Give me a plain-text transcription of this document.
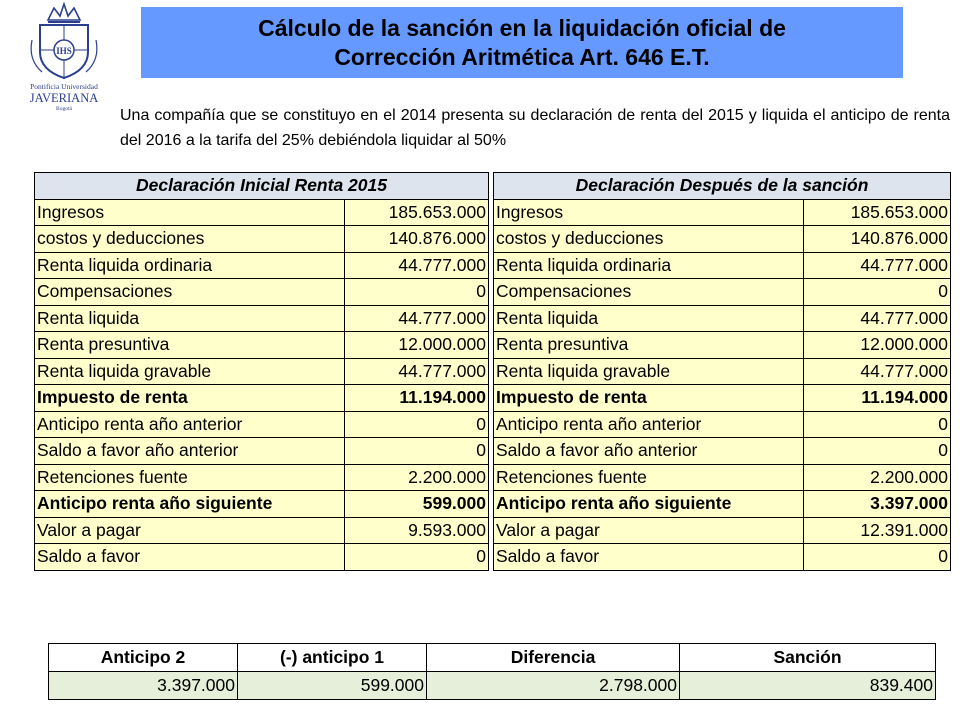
IHS
Pontificia Universidad
JAVERIANA
Bogotá
Cálculo de la sanción en la liquidación oficial de
Corrección Aritmética Art. 646 E.T.
Una compañía que se constituyo en el 2014 presenta su declaración de renta del 2015 y liquida el anticipo de renta del 2016 a la tarifa del 25% debiéndola liquidar al 50%
Declaración Inicial Renta 2015	
Ingresos	185.653.000
costos y deducciones	140.876.000
Renta liquida ordinaria	44.777.000
Compensaciones	0
Renta liquida	44.777.000
Renta presuntiva	12.000.000
Renta liquida gravable	44.777.000
Impuesto de renta	11.194.000
Anticipo renta año anterior	0
Saldo a favor año anterior	0
Retenciones fuente	2.200.000
Anticipo renta año siguiente	599.000
Valor a pagar	9.593.000
Saldo a favor	0
Declaración Después de la sanción	
Ingresos	185.653.000
costos y deducciones	140.876.000
Renta liquida ordinaria	44.777.000
Compensaciones	0
Renta liquida	44.777.000
Renta presuntiva	12.000.000
Renta liquida gravable	44.777.000
Impuesto de renta	11.194.000
Anticipo renta año anterior	0
Saldo a favor año anterior	0
Retenciones fuente	2.200.000
Anticipo renta año siguiente	3.397.000
Valor a pagar	12.391.000
Saldo a favor	0
Anticipo 2	(-) anticipo 1	Diferencia	Sanción
3.397.000	599.000	2.798.000	839.400
